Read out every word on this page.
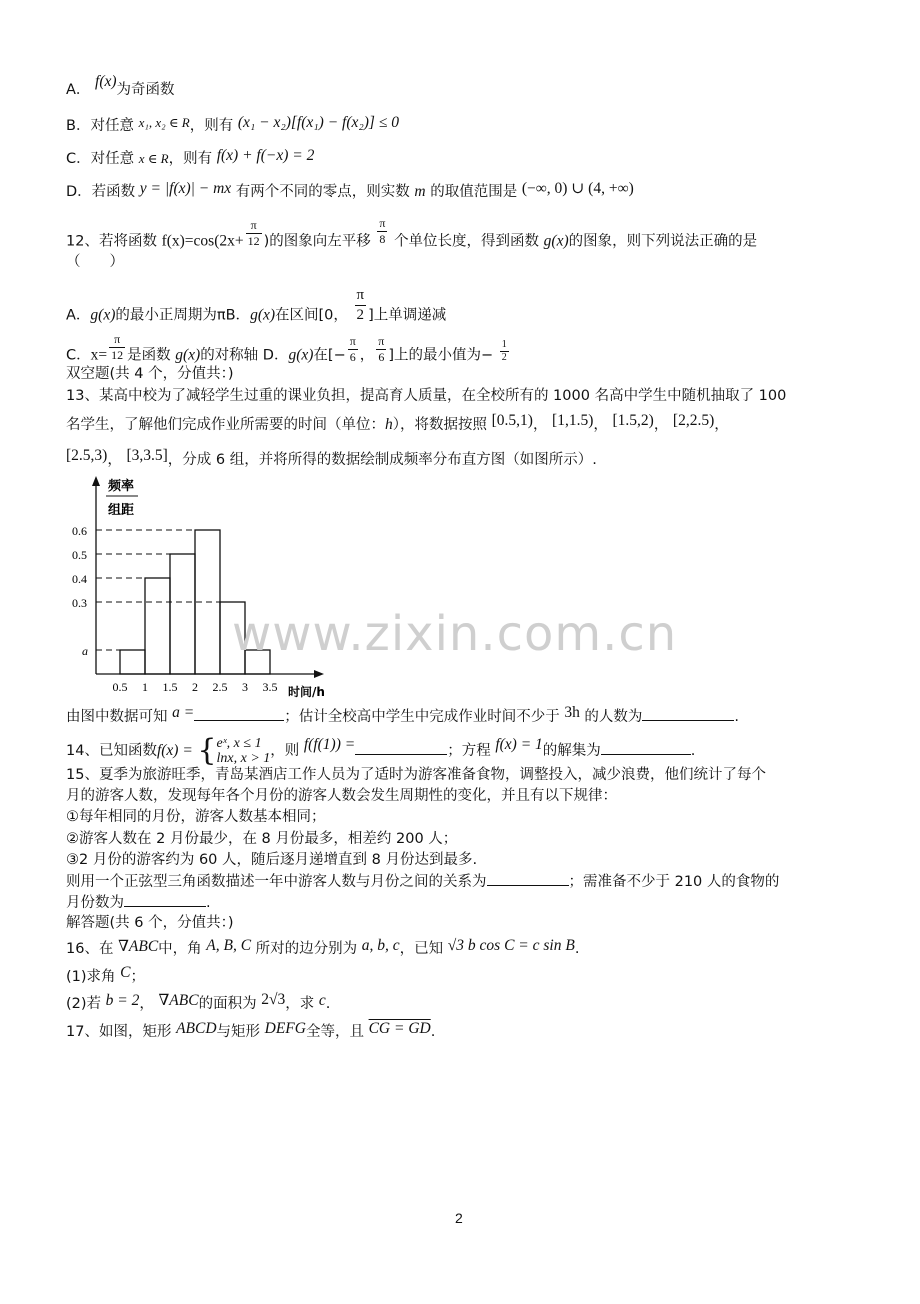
A． f(x)为奇函数
B．对任意 x₁, x₂ ∈ R，则有 (x₁ − x₂)[f(x₁) − f(x₂)] ≤ 0
C．对任意 x ∈ R，则有 f(x) + f(−x) = 2
D．若函数 y = |f(x)| − mx 有两个不同的零点，则实数 m 的取值范围是 (−∞, 0) ∪ (4, +∞)
12、若将函数 $f(x)=\cos(2x+ \frac{\pi}{12}$ )的图象向左平移 $\frac{\pi}{8}$ 个单位长度，得到函数 g(x)的图象，则下列说法正确的是
（　　）
A．g(x)的最小正周期为πB．g(x)在区间[0， $\frac{\pi}{2}$ ]上单调递减
C．$x= \frac{\pi}{12}$ 是函数 g(x)的对称轴 D．g(x)在[− $\frac{\pi}{6}$ ， $\frac{\pi}{6}$ ]上的最小值为− $\frac{1}{2}$
双空题(共 4 个，分值共：)
13、某高中校为了减轻学生过重的课业负担，提高育人质量，在全校所有的 1000 名高中学生中随机抽取了 100
名学生，了解他们完成作业所需要的时间（单位：h），将数据按照 [0.5,1)， [1,1.5)， [1.5,2)， [2,2.5)，
[2.5,3)， [3,3.5]，分成 6 组，并将所得的数据绘制成频率分布直方图（如图所示）.
频率
组距
0.6
0.5
0.4
0.3
a
0.5 1 1.5 2 2.5 3 3.5 时间/h
由图中数据可知 a =	；估计全校高中学生中完成作业时间不少于 3h 的人数为	.
14、已知函数f(x) = { eˣ, x ≤ 1
lnx, x > 1 ，则 f(f(1)) =	；方程 f(x) = 1的解集为	.
15、夏季为旅游旺季，青岛某酒店工作人员为了适时为游客准备食物，调整投入，减少浪费，他们统计了每个
月的游客人数，发现每年各个月份的游客人数会发生周期性的变化，并且有以下规律：
①每年相同的月份，游客人数基本相同；
②游客人数在 2 月份最少，在 8 月份最多，相差约 200 人；
③2 月份的游客约为 60 人，随后逐月递增直到 8 月份达到最多.
则用一个正弦型三角函数描述一年中游客人数与月份之间的关系为	；需准备不少于 210 人的食物的
月份数为	.
解答题(共 6 个，分值共：)
16、在 ∇ABC中，角 A, B, C 所对的边分别为 a, b, c，已知 √3 b cos C = c sin B.
(1)求角 C；
(2)若 b = 2， ∇ABC的面积为 2√3，求 c.
17、如图，矩形 ABCD与矩形 DEFG全等，且 CG = GD.
www.zixin.com.cn
2
